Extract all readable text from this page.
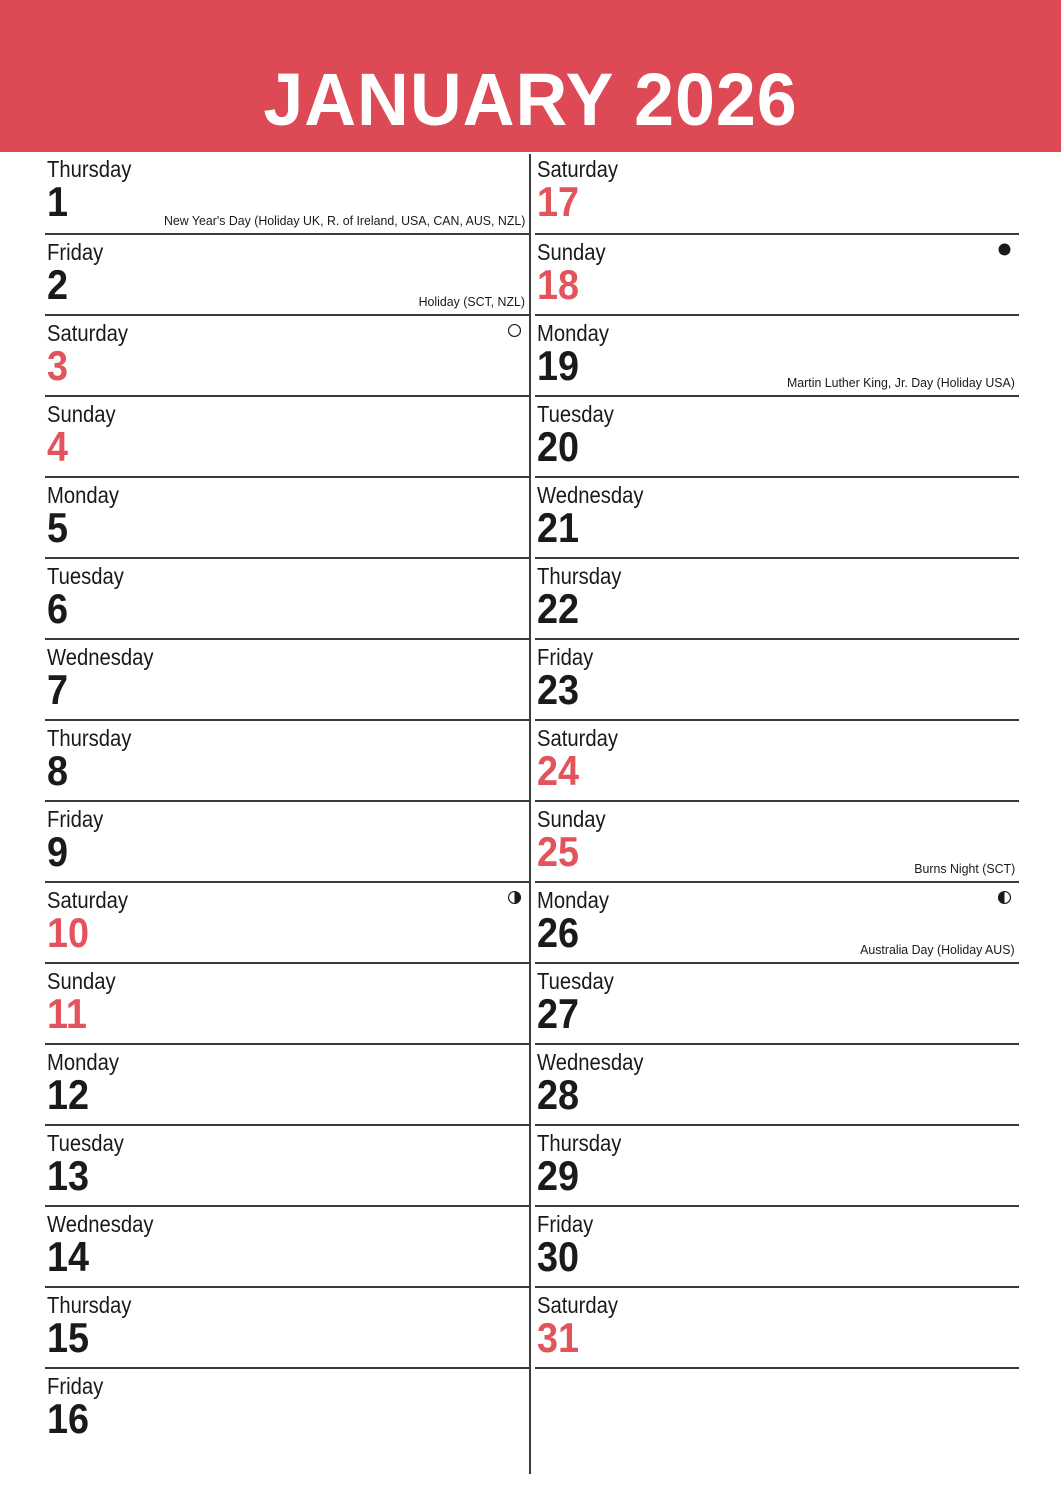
JANUARY 2026
Thursday
1	New Year's Day (Holiday UK, R. of Ireland, USA, CAN, AUS, NZL)
Friday
2	Holiday (SCT, NZL)
Saturday
3
Sunday
4
Monday
5
Tuesday
6
Wednesday
7
Thursday
8
Friday
9
Saturday
10
Sunday
11
Monday
12
Tuesday
13
Wednesday
14
Thursday
15
Friday
16
Saturday
17
Sunday
18
Monday
19	Martin Luther King, Jr. Day (Holiday USA)
Tuesday
20
Wednesday
21
Thursday
22
Friday
23
Saturday
24
Sunday
25	Burns Night (SCT)
Monday
26	Australia Day (Holiday AUS)
Tuesday
27
Wednesday
28
Thursday
29
Friday
30
Saturday
31
